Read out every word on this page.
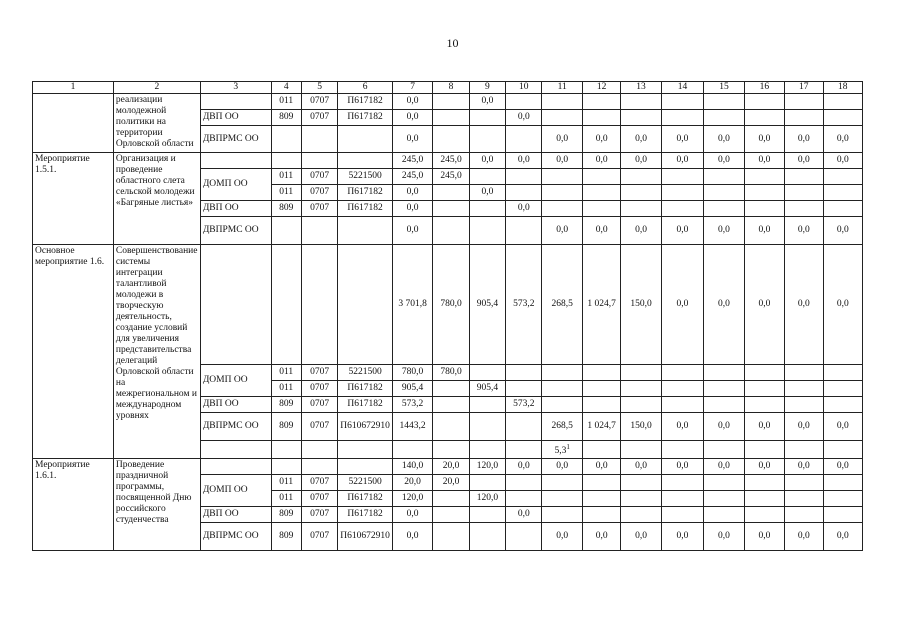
10
1	2	3	4	5	6	7	8	9	10	11	12	13	14	15	16	17	18
	реализации молодежной политики на территории Орловской области		011	0707	П617182	0,0		0,0									
		ДВП ОО	809	0707	П617182	0,0			0,0								
		ДВПРМС ОО				0,0				0,0	0,0	0,0	0,0	0,0	0,0	0,0	0,0
Мероприятие 1.5.1.	Организация и проведение областного слета сельской молодежи «Багряные листья»					245,0	245,0	0,0	0,0	0,0	0,0	0,0	0,0	0,0	0,0	0,0	0,0
		ДОМП ОО	011	0707	5221500	245,0	245,0										
			011	0707	П617182	0,0		0,0									
		ДВП ОО	809	0707	П617182	0,0			0,0								
		ДВПРМС ОО				0,0				0,0	0,0	0,0	0,0	0,0	0,0	0,0	0,0
Основное мероприятие 1.6.	Совершенствование системы интеграции талантливой молодежи в творческую деятельность, создание условий для увеличения представительства делегаций Орловской области на межрегиональном и международном уровнях					3 701,8	780,0	905,4	573,2	268,5	1 024,7	150,0	0,0	0,0	0,0	0,0	0,0
		ДОМП ОО	011	0707	5221500	780,0	780,0										
			011	0707	П617182	905,4		905,4									
		ДВП ОО	809	0707	П617182	573,2			573,2								
		ДВПРМС ОО	809	0707	П610672910	1443,2				268,5	1 024,7	150,0	0,0	0,0	0,0	0,0	0,0
										$5,3^1$							
Мероприятие 1.6.1.	Проведение праздничной программы, посвященной Дню российского студенчества					140,0	20,0	120,0	0,0	0,0	0,0	0,0	0,0	0,0	0,0	0,0	0,0
		ДОМП ОО	011	0707	5221500	20,0	20,0										
			011	0707	П617182	120,0		120,0									
		ДВП ОО	809	0707	П617182	0,0			0,0								
		ДВПРМС ОО	809	0707	П610672910	0,0				0,0	0,0	0,0	0,0	0,0	0,0	0,0	0,0
